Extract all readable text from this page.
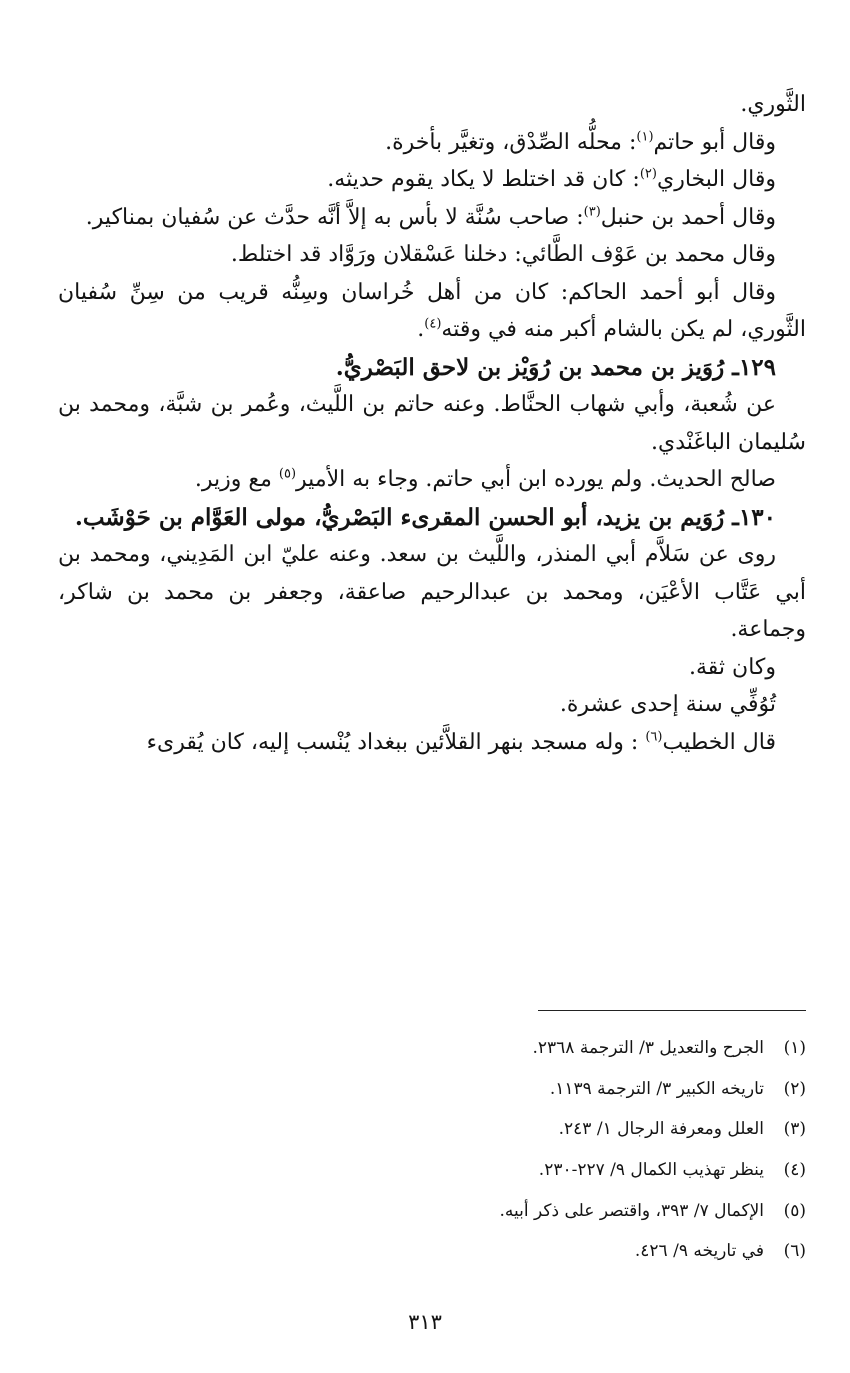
الثَّوري.

وقال أبو حاتم$^{(١)}$: محلُّه الصِّدْق، وتغيَّر بأخرة.

وقال البخاري$^{(٢)}$: كان قد اختلط لا يكاد يقوم حديثه.

وقال أحمد بن حنبل$^{(٣)}$: صاحب سُنَّة لا بأس به إلاَّ أنَّه حدَّث عن سُفيان بمناكير.

وقال محمد بن عَوْف الطَّائي: دخلنا عَسْقلان ورَوَّاد قد اختلط.

وقال أبو أحمد الحاكم: كان من أهل خُراسان وسِنُّه قريب من سِنِّ سُفيان الثَّوري، لم يكن بالشام أكبر منه في وقته$^{(٤)}$.

١٢٩ـ رُوَيز بن محمد بن رُوَيْز بن لاحق البَصْريُّ.

عن شُعبة، وأبي شهاب الحنَّاط. وعنه حاتم بن اللَّيث، وعُمر بن شبَّة، ومحمد بن سُليمان الباغَنْدي.

صالح الحديث. ولم يورده ابن أبي حاتم. وجاء به الأمير$^{(٥)}$ مع وزير.

١٣٠ـ رُوَيم بن يزيد، أبو الحسن المقرىء البَصْريُّ، مولى العَوَّام بن حَوْشَب.

روى عن سَلاَّم أبي المنذر، واللَّيث بن سعد. وعنه عليّ ابن المَدِيني، ومحمد بن أبي عَتَّاب الأعْيَن، ومحمد بن عبدالرحيم صاعقة، وجعفر بن محمد بن شاكر، وجماعة.

وكان ثقة.

تُوُفِّي سنة إحدى عشرة.

قال الخطيب$^{(٦)}$ : وله مسجد بنهر القلاَّئين ببغداد يُنْسب إليه، كان يُقرىء

(١)الجرح والتعديل ٣/ الترجمة ٢٣٦٨.
(٢)تاريخه الكبير ٣/ الترجمة ١١٣٩.
(٣)العلل ومعرفة الرجال ١/ ٢٤٣.
(٤)ينظر تهذيب الكمال ٩/ ٢٢٧-٢٣٠.
(٥)الإكمال ٧/ ٣٩٣، واقتصر على ذكر أبيه.
(٦)في تاريخه ٩/ ٤٢٦.
٣١٣
